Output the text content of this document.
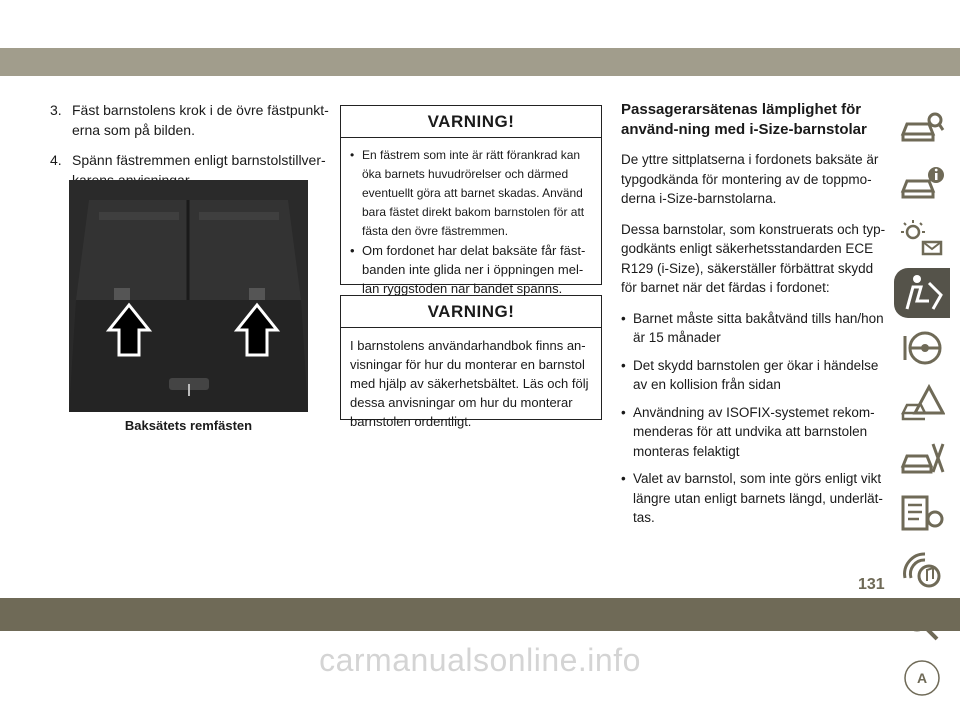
3. Fäst barnstolens krok i de övre fästpunkt-erna som på bilden.
4. Spänn fästremmen enligt barnstolstillver-
Baksätets remfästen
VARNING!
• En fästrem som inte är rätt förankrad kan öka barnets huvudrörelser och därmed eventuellt göra att barnet skadas. Använd bara fästet direkt bakom barnstolen för att fästa den övre fästremmen.
• Om fordonet har delat baksäte får fäst-banden inte glida ner i öppningen mel-lan ryggstöden när bandet spänns.
VARNING!
I barnstolens användarhandbok finns an-visningar för hur du monterar en barnstol med hjälp av säkerhetsbältet. Läs och följ dessa anvisningar om hur du monterar barnstolen ordentligt.
Passagerarsätenas lämplighet för använd-ning med i-Size-barnstolar
De yttre sittplatserna i fordonets baksäte är typgodkända för montering av de toppmo-derna i-Size-barnstolarna.
Dessa barnstolar, som konstruerats och typ-godkänts enligt säkerhetsstandarden ECE R129 (i-Size), säkerställer förbättrat skydd för barnet när det färdas i fordonet:
• Barnet måste sitta bakåtvänd tills han/hon är 15 månader
• Det skydd barnstolen ger ökar i händelse av en kollision från sidan
• Användning av ISOFIX-systemet rekom-menderas för att undvika att barnstolen monteras felaktigt
• Valet av barnstol, som inte görs enligt vikt längre utan enligt barnets längd, underlät-tas.
A
131
carmanualsonline.info
